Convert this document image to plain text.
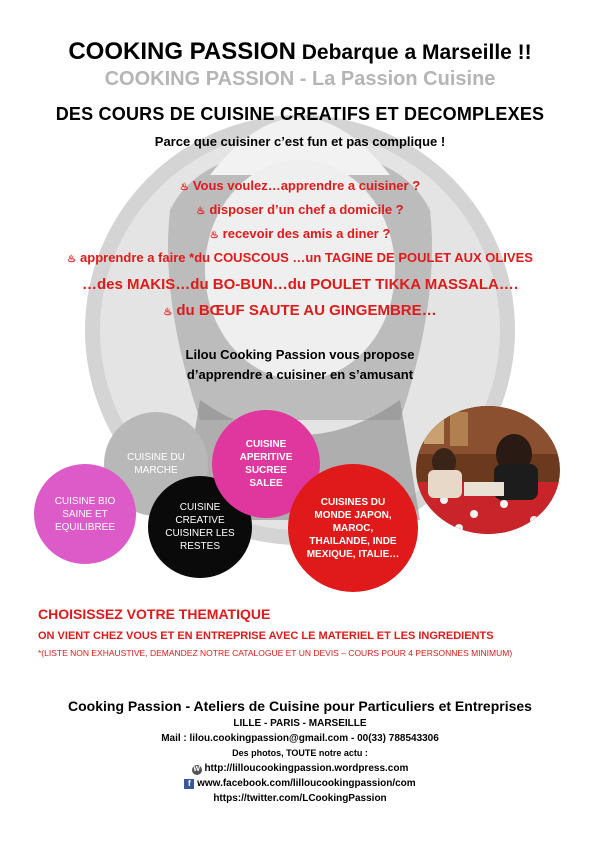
COOKING PASSION Debarque a Marseille !!
COOKING PASSION - La Passion Cuisine
DES COURS DE CUISINE CREATIFS ET DECOMPLEXES
Parce que cuisiner c’est fun et pas complique !
♨ Vous voulez…apprendre a cuisiner ?
♨ disposer d’un chef a domicile ?
♨ recevoir des amis a diner ?
♨ apprendre a faire *du COUSCOUS …un TAGINE DE POULET AUX OLIVES
…des MAKIS…du BO-BUN…du POULET TIKKA MASSALA….
♨ du BŒUF SAUTE AU GINGEMBRE…
Lilou Cooking Passion vous propose
d’apprendre a cuisiner en s’amusant
CUISINE DU MARCHE
CUISINE BIO SAINE ET EQUILIBREE
CUISINE CREATIVE CUISINER LES RESTES
CUISINE APERITIVE SUCREE SALEE
CUISINES DU MONDE JAPON, MAROC, THAILANDE, INDE MEXIQUE, ITALIE…
CHOISISSEZ VOTRE THEMATIQUE
ON VIENT CHEZ VOUS ET EN ENTREPRISE AVEC LE MATERIEL ET LES INGREDIENTS
*(LISTE NON EXHAUSTIVE, DEMANDEZ NOTRE CATALOGUE ET UN DEVIS – COURS POUR 4 PERSONNES MINIMUM)
Cooking Passion - Ateliers de Cuisine pour Particuliers et Entreprises
LILLE - PARIS - MARSEILLE
Mail : lilou.cookingpassion@gmail.com - 00(33) 788543306
Des photos, TOUTE notre actu :
W http://lilloucookingpassion.wordpress.com
f www.facebook.com/lilloucookingpassion/com
https://twitter.com/LCookingPassion
